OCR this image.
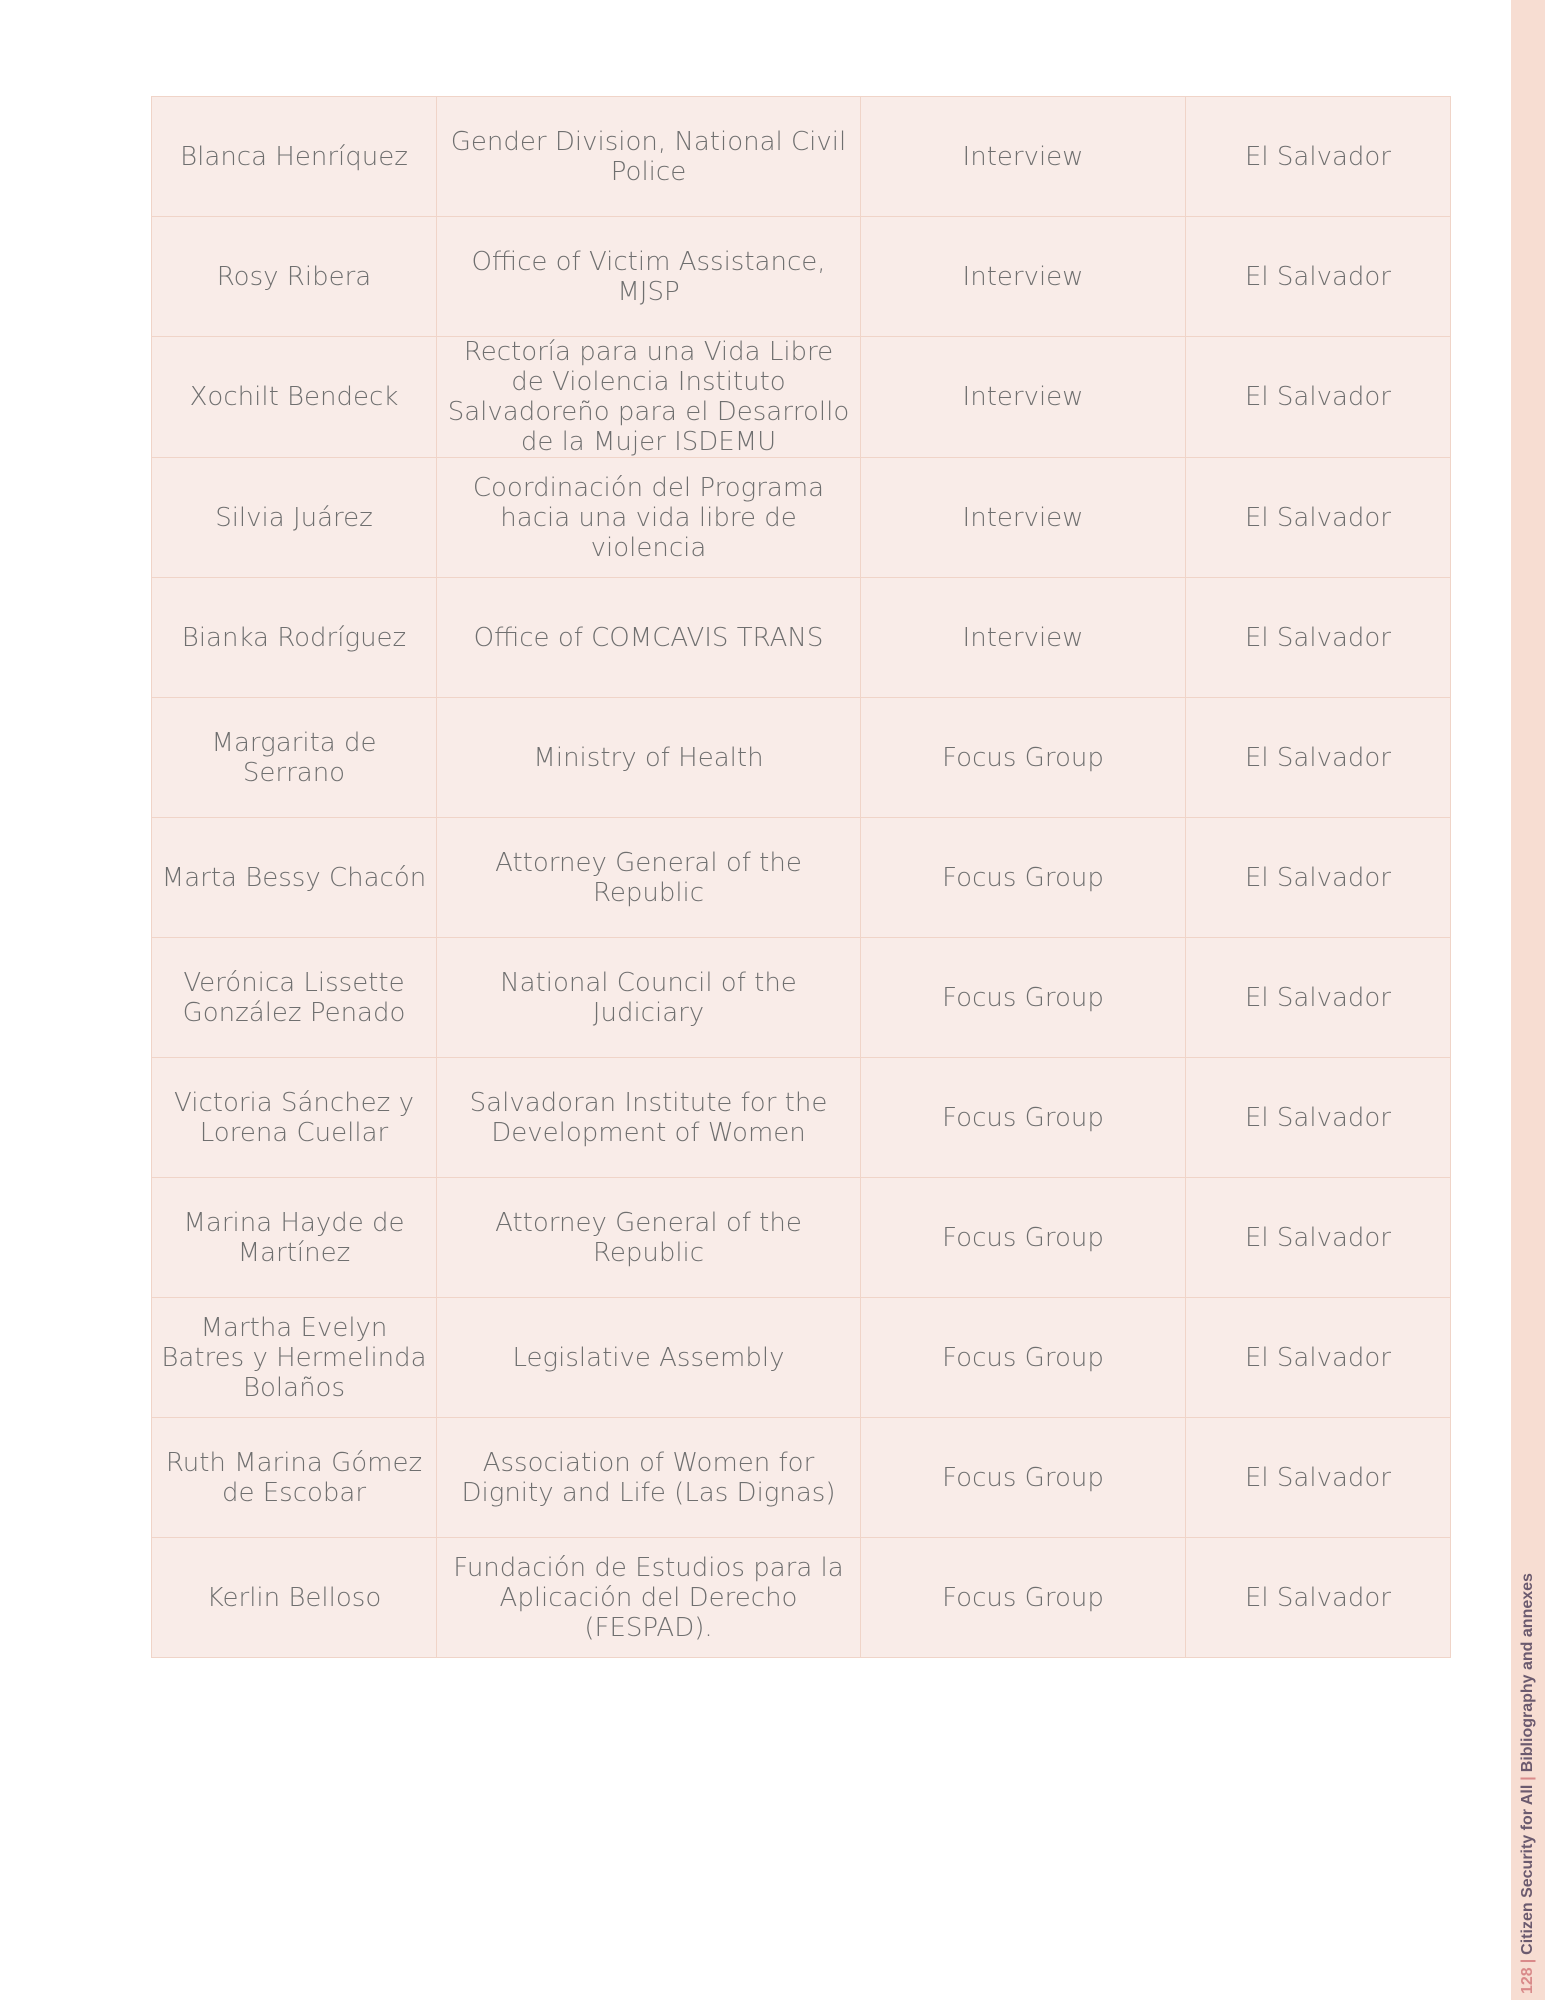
Blanca Henríquez	Gender Division, National Civil Police	Interview	El Salvador
Rosy Ribera	Office of Victim Assistance, MJSP	Interview	El Salvador
Xochilt Bendeck	Rectoría para una Vida Libre de Violencia Instituto Salvadoreño para el Desarrollo de la Mujer ISDEMU	Interview	El Salvador
Silvia Juárez	Coordinación del Programa hacia una vida libre de violencia	Interview	El Salvador
Bianka Rodríguez	Office of COMCAVIS TRANS	Interview	El Salvador
Margarita de Serrano	Ministry of Health	Focus Group	El Salvador
Marta Bessy Chacón	Attorney General of the Republic	Focus Group	El Salvador
Verónica Lissette González Penado	National Council of the Judiciary	Focus Group	El Salvador
Victoria Sánchez y Lorena Cuellar	Salvadoran Institute for the Development of Women	Focus Group	El Salvador
Marina Hayde de Martínez	Attorney General of the Republic	Focus Group	El Salvador
Martha Evelyn Batres y Hermelinda Bolaños	Legislative Assembly	Focus Group	El Salvador
Ruth Marina Gómez de Escobar	Association of Women for Dignity and Life (Las Dignas)	Focus Group	El Salvador
Kerlin Belloso	Fundación de Estudios para la Aplicación del Derecho (FESPAD).	Focus Group	El Salvador
128|Citizen Security for All|Bibliography and annexes
